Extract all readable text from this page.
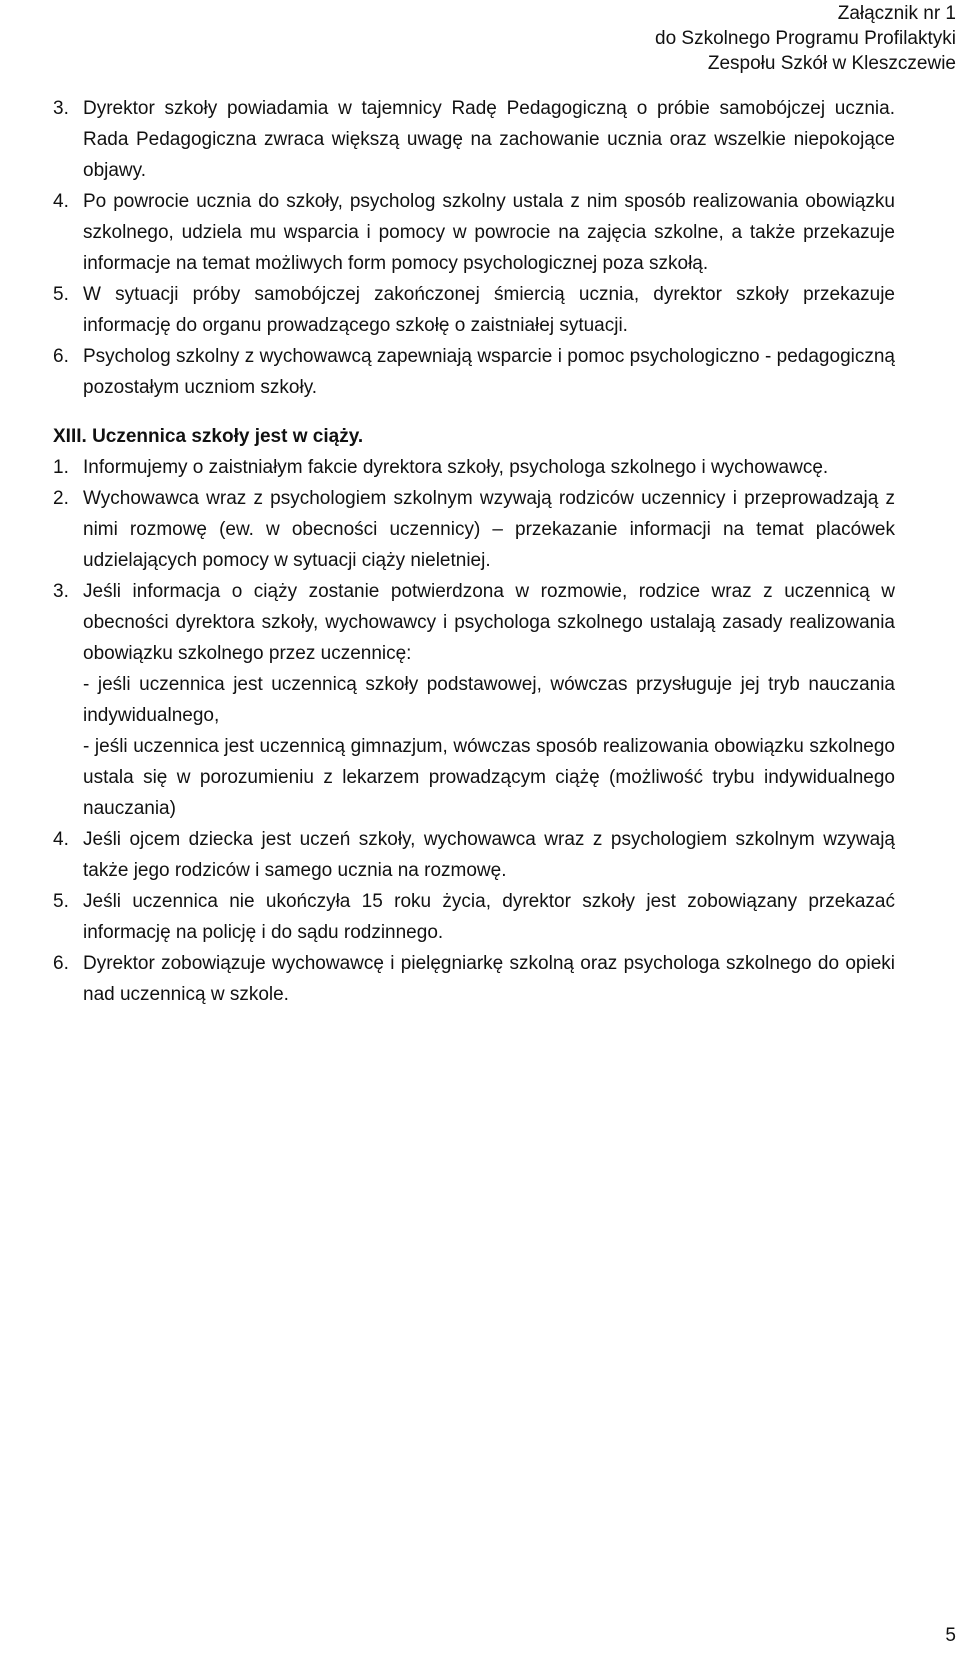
Załącznik nr 1
do Szkolnego Programu Profilaktyki
Zespołu Szkół w Kleszczewie
3. Dyrektor szkoły powiadamia w tajemnicy Radę Pedagogiczną o próbie samobójczej ucznia. Rada Pedagogiczna zwraca większą uwagę na zachowanie ucznia oraz wszelkie niepokojące objawy.
4. Po powrocie ucznia do szkoły, psycholog szkolny ustala z nim sposób realizowania obowiązku szkolnego, udziela mu wsparcia i pomocy w powrocie na zajęcia szkolne, a także przekazuje informacje na temat możliwych form pomocy psychologicznej poza szkołą.
5. W sytuacji próby samobójczej zakończonej śmiercią ucznia, dyrektor szkoły przekazuje informację do organu prowadzącego szkołę o zaistniałej sytuacji.
6. Psycholog szkolny z wychowawcą zapewniają wsparcie i pomoc psychologiczno - pedagogiczną pozostałym uczniom szkoły.
XIII. Uczennica szkoły jest w ciąży.
1. Informujemy o zaistniałym fakcie dyrektora szkoły, psychologa szkolnego i wychowawcę.
2. Wychowawca wraz z psychologiem szkolnym wzywają rodziców uczennicy i przeprowadzają z nimi rozmowę (ew. w obecności uczennicy) – przekazanie informacji na temat placówek udzielających pomocy w sytuacji ciąży nieletniej.
3. Jeśli informacja o ciąży zostanie potwierdzona w rozmowie, rodzice wraz z uczennicą w obecności dyrektora szkoły, wychowawcy i psychologa szkolnego ustalają zasady realizowania obowiązku szkolnego przez uczennicę:
- jeśli uczennica jest uczennicą szkoły podstawowej, wówczas przysługuje jej tryb nauczania indywidualnego,
- jeśli uczennica jest uczennicą gimnazjum, wówczas sposób realizowania obowiązku szkolnego ustala się w porozumieniu z lekarzem prowadzącym ciążę (możliwość trybu indywidualnego nauczania)
4. Jeśli ojcem dziecka jest uczeń szkoły, wychowawca wraz z psychologiem szkolnym wzywają także jego rodziców i samego ucznia na rozmowę.
5. Jeśli uczennica nie ukończyła 15 roku życia, dyrektor szkoły jest zobowiązany przekazać informację na policję i do sądu rodzinnego.
6. Dyrektor zobowiązuje wychowawcę i pielęgniarkę szkolną oraz psychologa szkolnego do opieki nad uczennicą w szkole.
5
